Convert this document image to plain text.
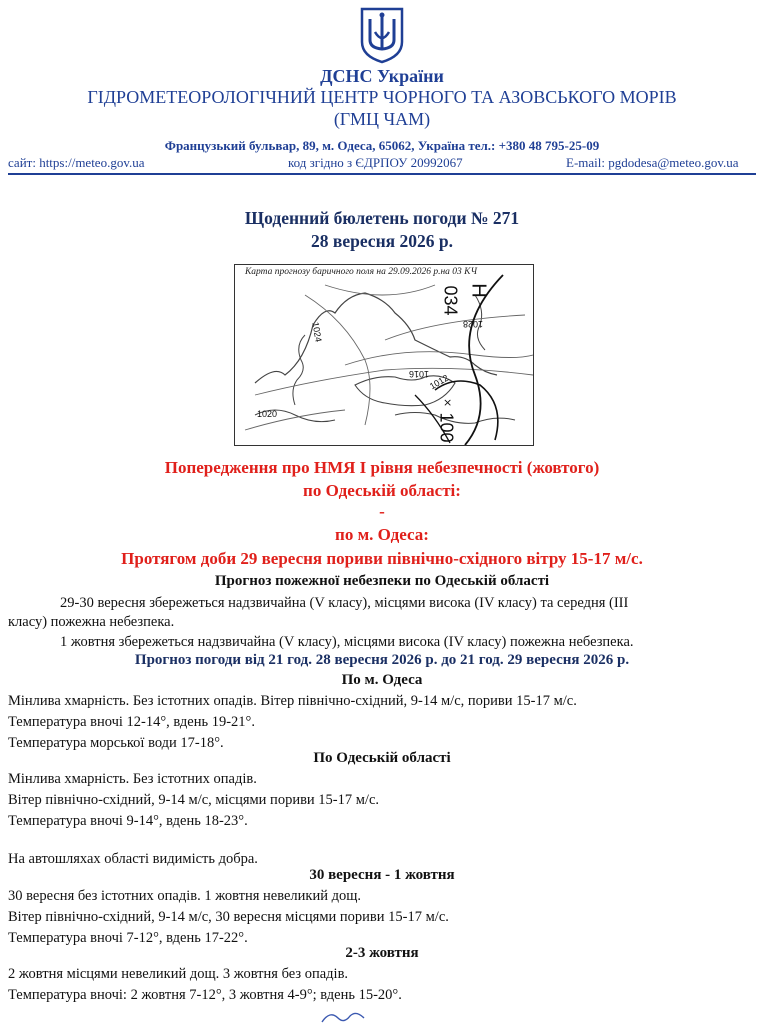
ДСНС України
ГІДРОМЕТЕОРОЛОГІЧНИЙ ЦЕНТР ЧОРНОГО ТА АЗОВСЬКОГО МОРІВ
(ГМЦ ЧАМ)
Французький бульвар, 89, м. Одеса, 65062, Україна тел.: +380 48 795-25-09
сайт: https://meteo.gov.ua	код згідно з ЄДРПОУ 20992067	E-mail: pgdodesa@meteo.gov.ua
Щоденний бюлетень погоди № 271
28 вересня 2026 р.
Карта прогнозу баричного поля на 29.09.2026 р.на 03 КЧ
×
H
034
1028
1024
1016
1012
1020	100
Попередження про НМЯ І рівня небезпечності (жовтого)
по Одеській області:
-
по м. Одеса:
Протягом доби 29 вересня пориви північно-східного вітру 15-17 м/с.
Прогноз пожежної небезпеки по Одеській області
29-30 вересня збережеться надзвичайна (V класу), місцями висока (IV класу) та середня (III
класу) пожежна небезпека.
1 жовтня збережеться надзвичайна (V класу), місцями висока (IV класу) пожежна небезпека.
Прогноз погоди від 21 год. 28 вересня 2026 р. до 21 год. 29 вересня 2026 р.
По м. Одеса
Мінлива хмарність. Без істотних опадів. Вітер північно-східний, 9-14 м/с, пориви 15-17 м/с.
Температура вночі 12-14°, вдень 19-21°.
Температура морської води 17-18°.
По Одеській області
Мінлива хмарність. Без істотних опадів.
Вітер північно-східний, 9-14 м/с, місцями пориви 15-17 м/с.
Температура вночі 9-14°, вдень 18-23°.
На автошляхах області видимість добра.
30 вересня - 1 жовтня
30 вересня без істотних опадів. 1 жовтня невеликий дощ.
Вітер північно-східний, 9-14 м/с, 30 вересня місцями пориви 15-17 м/с.
Температура вночі 7-12°, вдень 17-22°.
2-3 жовтня
2 жовтня місцями невеликий дощ. 3 жовтня без опадів.
Температура вночі: 2 жовтня 7-12°, 3 жовтня 4-9°; вдень 15-20°.
